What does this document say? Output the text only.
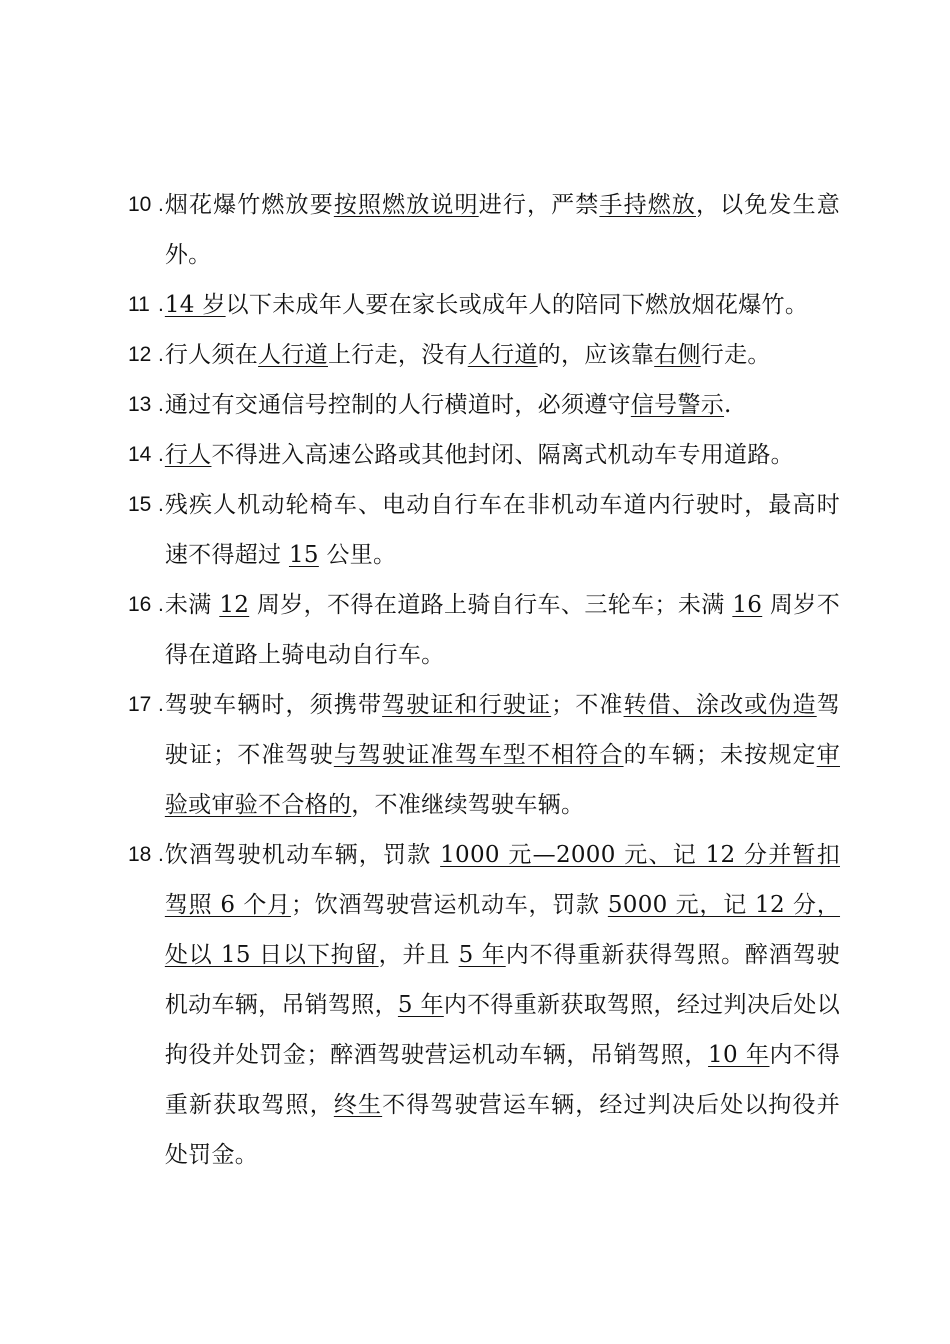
10 . 烟花爆竹燃放要按照燃放说明进行，严禁手持燃放，以免发生意外。
11 . 14 岁以下未成年人要在家长或成年人的陪同下燃放烟花爆竹。
12 . 行人须在人行道上行走，没有人行道的，应该靠右侧行走。
13 . 通过有交通信号控制的人行横道时，必须遵守信号警示.
14 . 行人不得进入高速公路或其他封闭、隔离式机动车专用道路。
15 . 残疾人机动轮椅车、电动自行车在非机动车道内行驶时，最高时速不得超过 15 公里。
16 . 未满 12 周岁，不得在道路上骑自行车、三轮车；未满 16 周岁不得在道路上骑电动自行车。
17 . 驾驶车辆时，须携带驾驶证和行驶证；不准转借、涂改或伪造驾驶证；不准驾驶与驾驶证准驾车型不相符合的车辆；未按规定审验或审验不合格的，不准继续驾驶车辆。
18 . 饮酒驾驶机动车辆，罚款 1000 元—2000 元、记 12 分并暂扣驾照 6 个月；饮酒驾驶营运机动车，罚款 5000 元，记 12 分，处以 15 日以下拘留，并且 5 年内不得重新获得驾照。醉酒驾驶机动车辆，吊销驾照，5 年内不得重新获取驾照，经过判决后处以拘役并处罚金；醉酒驾驶营运机动车辆，吊销驾照，10 年内不得重新获取驾照，终生不得驾驶营运车辆，经过判决后处以拘役并处罚金。
